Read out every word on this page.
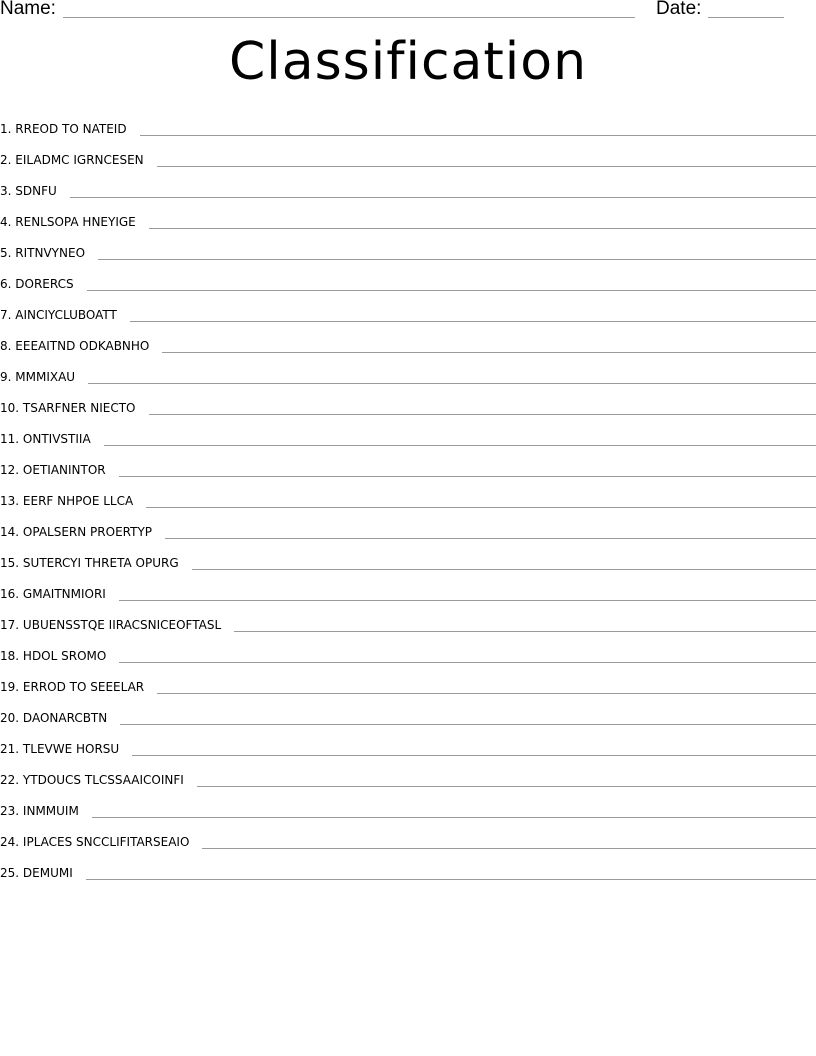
Name:	Date:
Classification
1. RREOD TO NATEID
2. EILADMC IGRNCESEN
3. SDNFU
4. RENLSOPA HNEYIGE
5. RITNVYNEO
6. DORERCS
7. AINCIYCLUBOATT
8. EEEAITND ODKABNHO
9. MMMIXAU
10. TSARFNER NIECTO
11. ONTIVSTIIA
12. OETIANINTOR
13. EERF NHPOE LLCA
14. OPALSERN PROERTYP
15. SUTERCYI THRETA OPURG
16. GMAITNMIORI
17. UBUENSSTQE IIRACSNICEOFTASL
18. HDOL SROMO
19. ERROD TO SEEELAR
20. DAONARCBTN
21. TLEVWE HORSU
22. YTDOUCS TLCSSAAICOINFI
23. INMMUIM
24. IPLACES SNCCLIFITARSEAIO
25. DEMUMI
